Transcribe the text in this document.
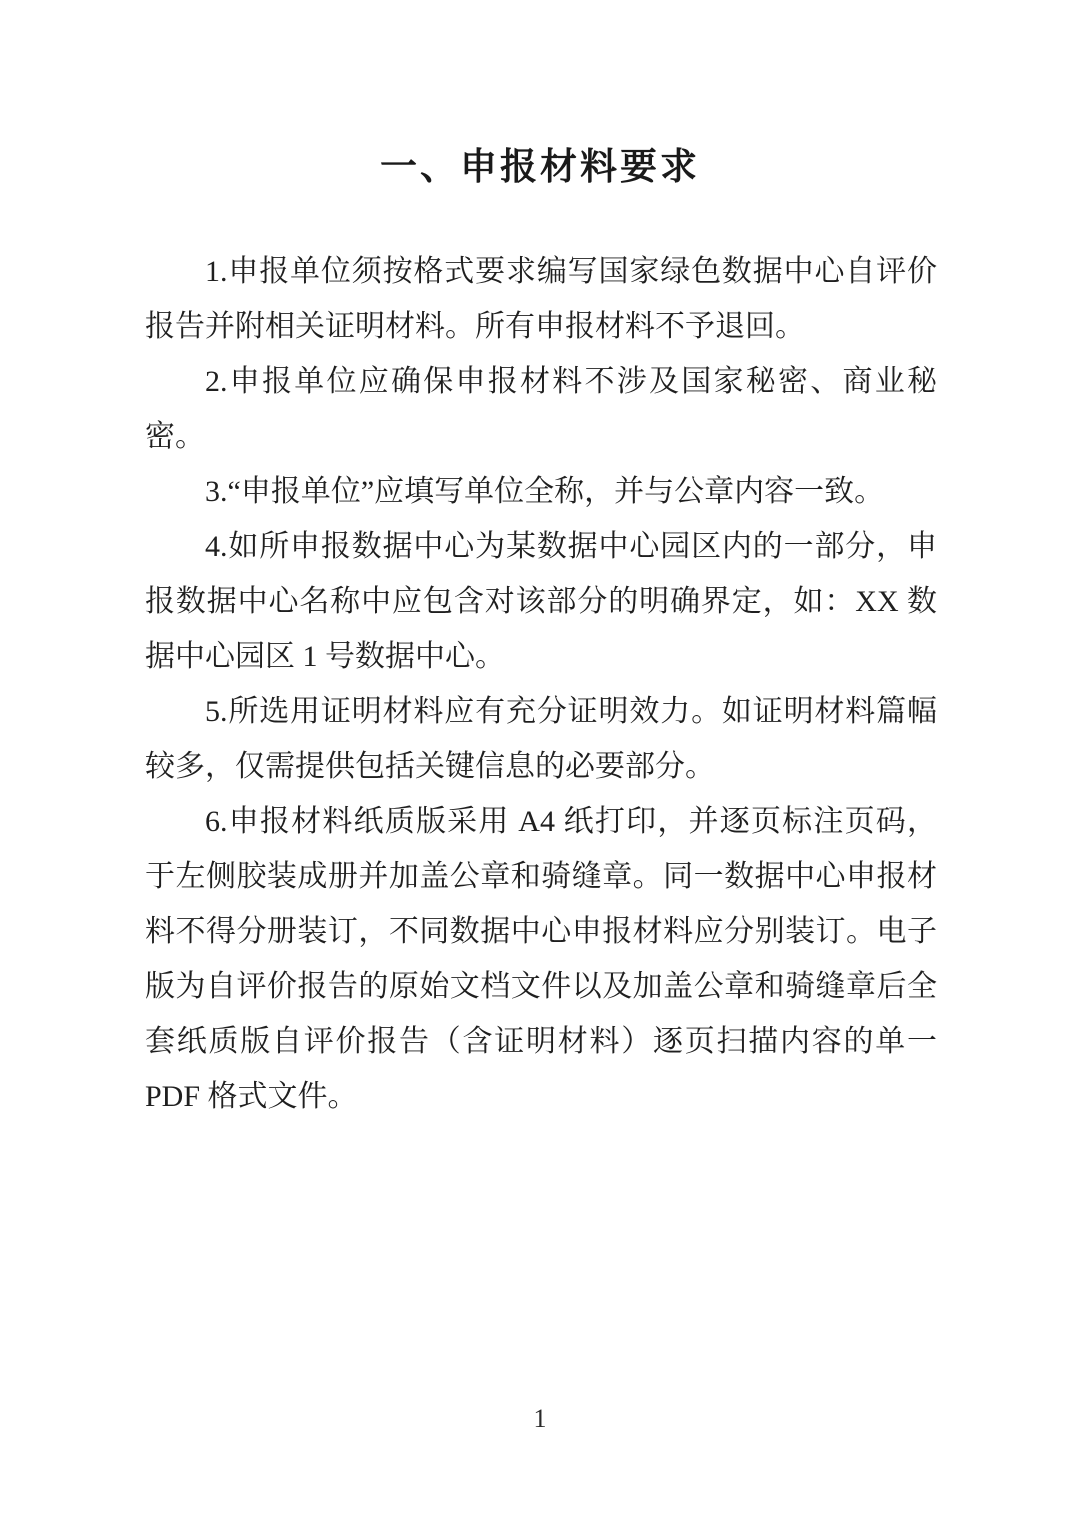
一、申报材料要求

1.申报单位须按格式要求编写国家绿色数据中心自评价报告并附相关证明材料。所有申报材料不予退回。

2.申报单位应确保申报材料不涉及国家秘密、商业秘密。

3.“申报单位”应填写单位全称，并与公章内容一致。

4.如所申报数据中心为某数据中心园区内的一部分，申报数据中心名称中应包含对该部分的明确界定，如：XX 数据中心园区 1 号数据中心。

5.所选用证明材料应有充分证明效力。如证明材料篇幅较多，仅需提供包括关键信息的必要部分。

6.申报材料纸质版采用 A4 纸打印，并逐页标注页码，于左侧胶装成册并加盖公章和骑缝章。同一数据中心申报材料不得分册装订，不同数据中心申报材料应分别装订。电子版为自评价报告的原始文档文件以及加盖公章和骑缝章后全套纸质版自评价报告（含证明材料）逐页扫描内容的单一 PDF 格式文件。

1
